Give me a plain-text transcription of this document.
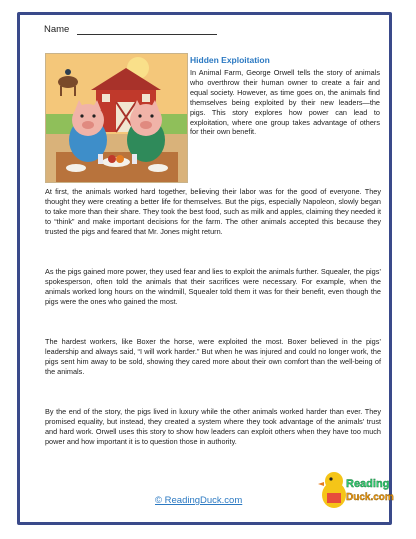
Name
Hidden Exploitation

In Animal Farm, George Orwell tells the story of animals who overthrow their human owner to create a fair and equal society. However, as time goes on, the animals find themselves being exploited by their new leaders—the pigs. This story explores how power can lead to exploitation, where one group takes advantage of others for their own benefit.

At first, the animals worked hard together, believing their labor was for the good of everyone. They thought they were creating a better life for themselves. But the pigs, especially Napoleon, slowly began to take more than their share. They took the best food, such as milk and apples, claiming they needed it to “think” and make important decisions for the farm. The other animals accepted this because they trusted the pigs and feared that Mr. Jones might return.

As the pigs gained more power, they used fear and lies to exploit the animals further. Squealer, the pigs’ spokesperson, often told the animals that their sacrifices were necessary. For example, when the animals worked long hours on the windmill, Squealer told them it was for their benefit, even though the pigs were the ones who gained the most.

The hardest workers, like Boxer the horse, were exploited the most. Boxer believed in the pigs’ leadership and always said, “I will work harder.” But when he was injured and could no longer work, the pigs sent him away to be sold, showing they cared more about their own comfort than the well-being of the animals.

By the end of the story, the pigs lived in luxury while the other animals worked harder than ever. They promised equality, but instead, they created a system where they took advantage of the animals’ trust and hard work. Orwell uses this story to show how leaders can exploit others when they have too much power and how important it is to question those in authority.

© ReadingDuck.com
Reading
Duck.com
